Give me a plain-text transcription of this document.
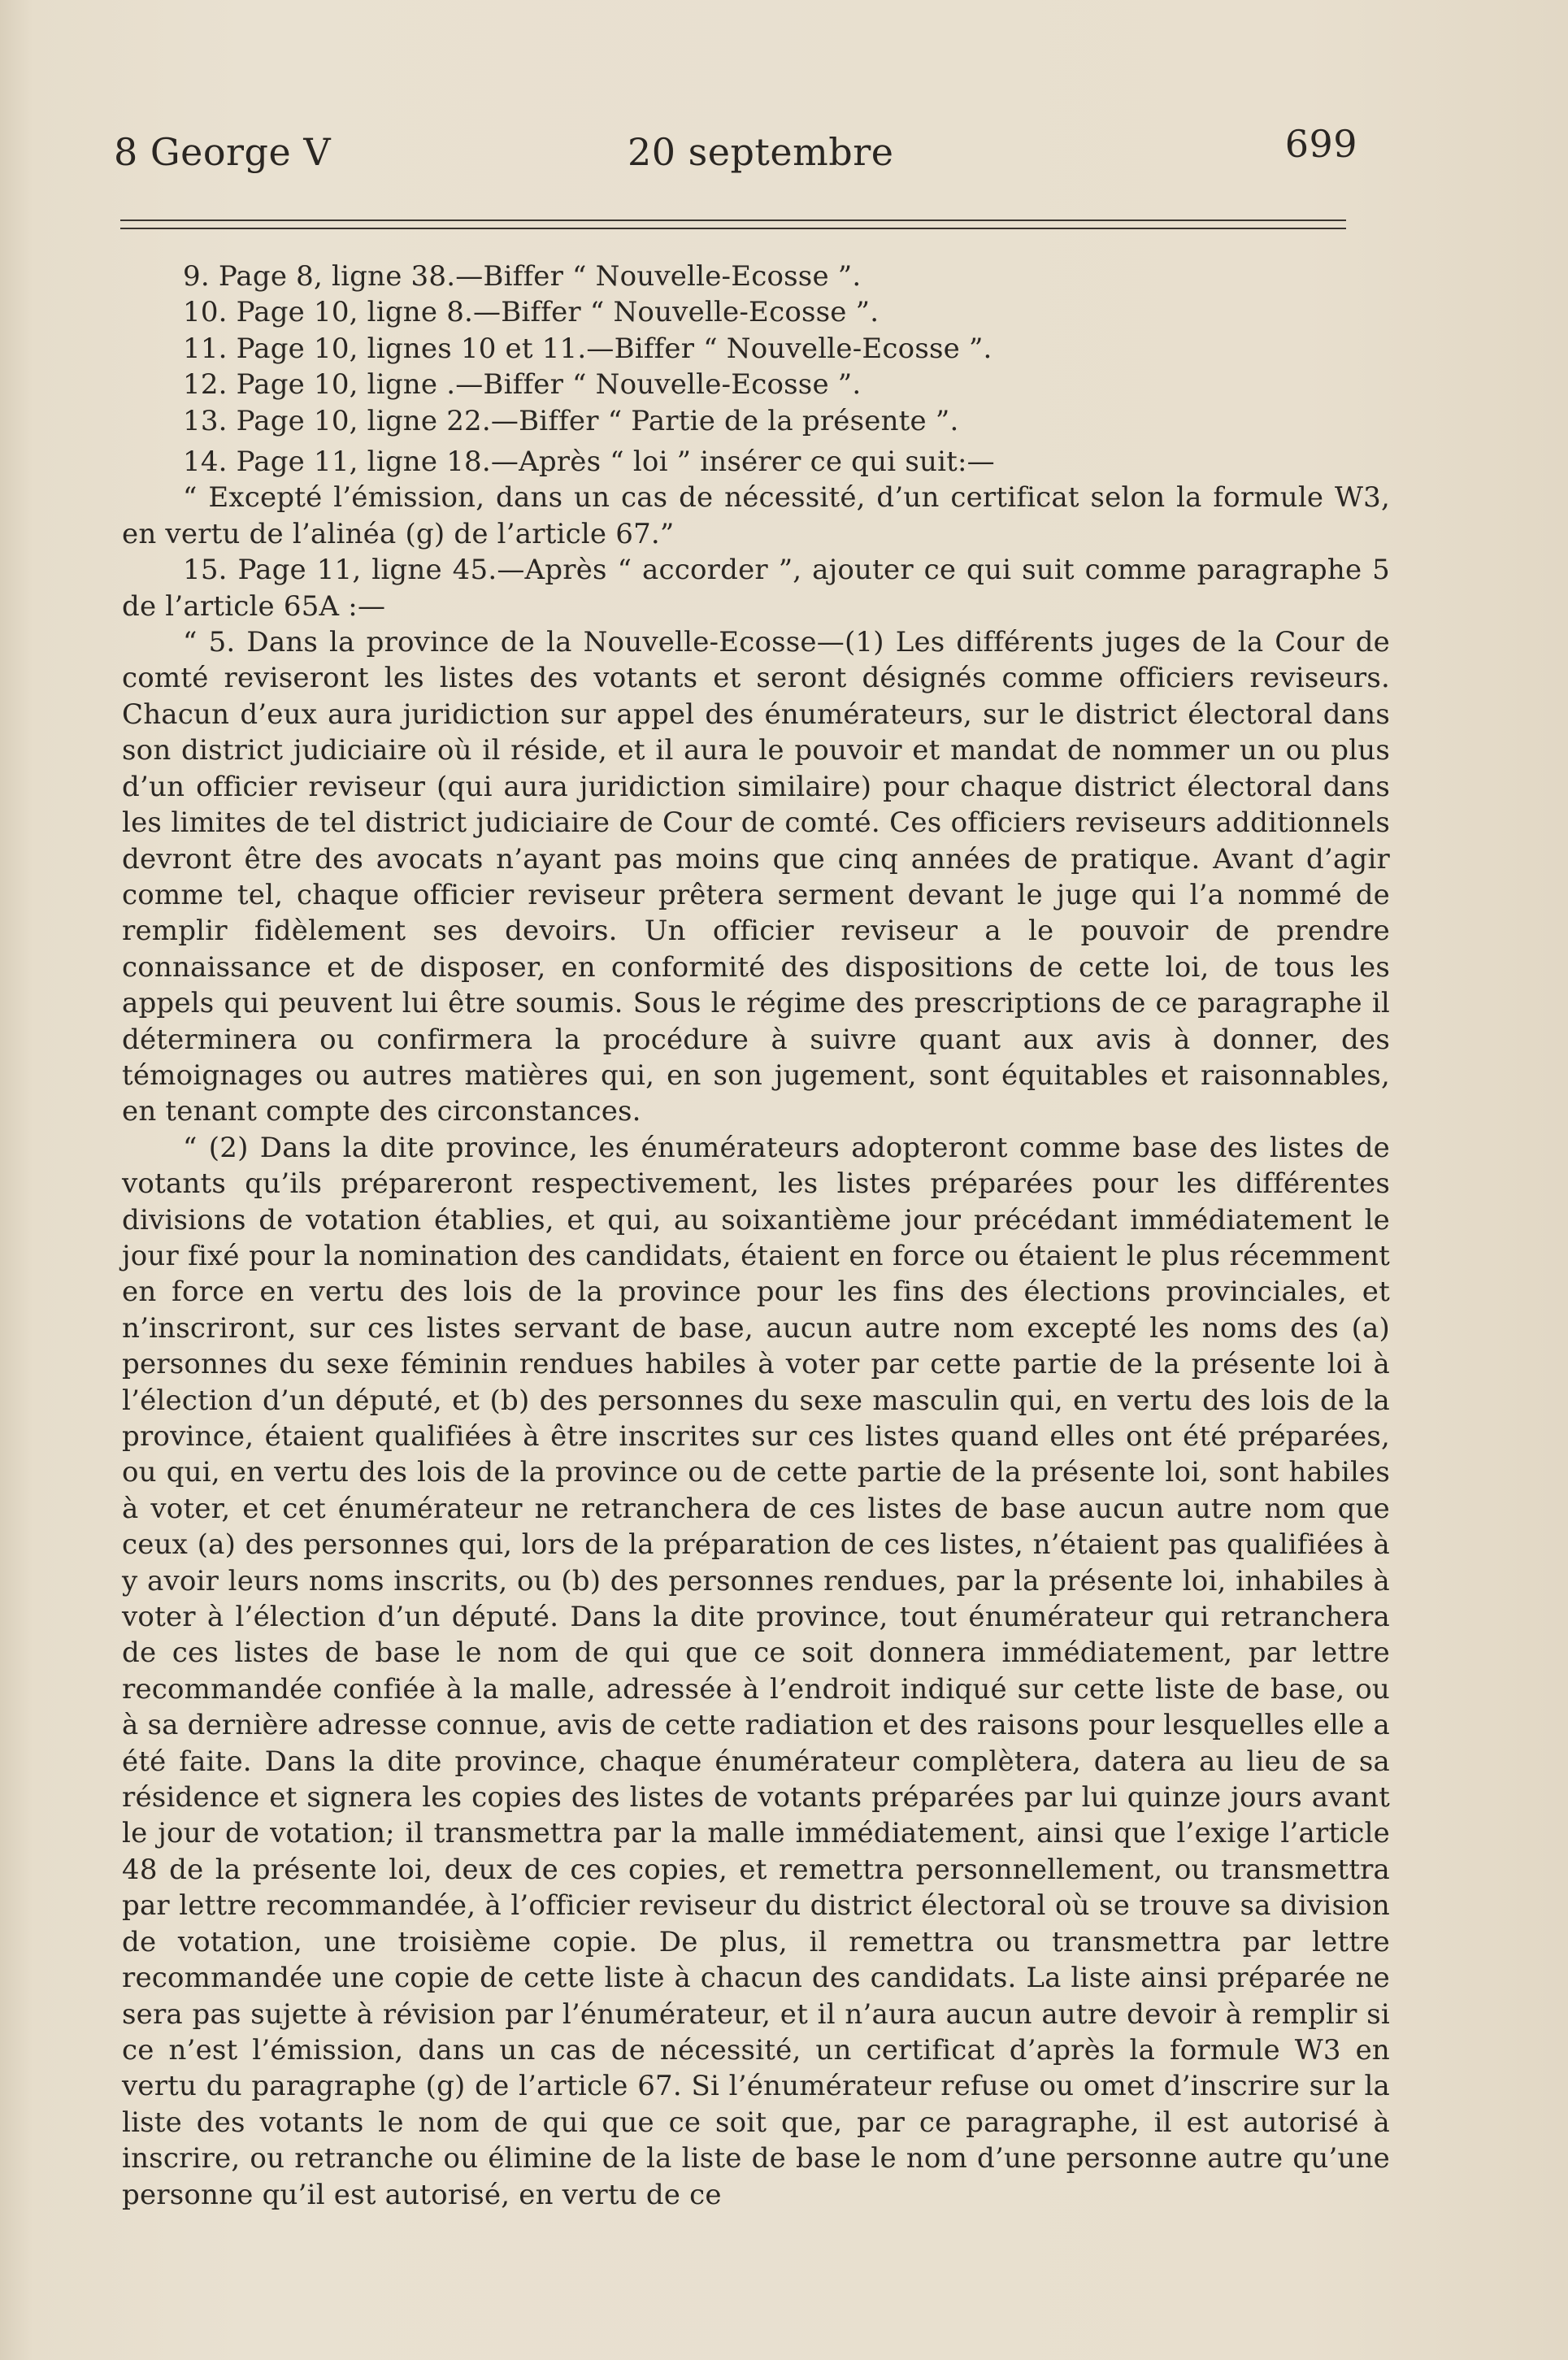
8 George V	20 septembre	699

9. Page 8, ligne 38.—Biffer “ Nouvelle-Ecosse ”.

10. Page 10, ligne 8.—Biffer “ Nouvelle-Ecosse ”.

11. Page 10, lignes 10 et 11.—Biffer “ Nouvelle-Ecosse ”.

12. Page 10, ligne .—Biffer “ Nouvelle-Ecosse ”.

13. Page 10, ligne 22.—Biffer “ Partie de la présente ”.

14. Page 11, ligne 18.—Après “ loi ” insérer ce qui suit:—

“ Excepté l’émission, dans un cas de nécessité, d’un certificat selon la formule W3, en vertu de l’alinéa (g) de l’article 67.”

15. Page 11, ligne 45.—Après “ accorder ”, ajouter ce qui suit comme paragraphe 5 de l’article 65A :—

“ 5. Dans la province de la Nouvelle-Ecosse—(1) Les différents juges de la Cour de comté reviseront les listes des votants et seront désignés comme officiers reviseurs. Chacun d’eux aura juridiction sur appel des énumérateurs, sur le district électoral dans son district judiciaire où il réside, et il aura le pouvoir et mandat de nommer un ou plus d’un officier reviseur (qui aura juridiction similaire) pour chaque district électoral dans les limites de tel district judiciaire de Cour de comté. Ces officiers reviseurs additionnels devront être des avocats n’ayant pas moins que cinq années de pratique. Avant d’agir comme tel, chaque officier reviseur prêtera serment devant le juge qui l’a nommé de remplir fidèlement ses devoirs. Un officier reviseur a le pouvoir de prendre connaissance et de disposer, en conformité des dispositions de cette loi, de tous les appels qui peuvent lui être soumis. Sous le régime des prescriptions de ce paragraphe il déterminera ou confirmera la procédure à suivre quant aux avis à donner, des témoignages ou autres matières qui, en son jugement, sont équitables et raisonnables, en tenant compte des circonstances.

“ (2) Dans la dite province, les énumérateurs adopteront comme base des listes de votants qu’ils prépareront respectivement, les listes préparées pour les différentes divisions de votation établies, et qui, au soixantième jour précédant immédiatement le jour fixé pour la nomination des candidats, étaient en force ou étaient le plus récemment en force en vertu des lois de la province pour les fins des élections provinciales, et n’inscriront, sur ces listes servant de base, aucun autre nom excepté les noms des (a) personnes du sexe féminin rendues habiles à voter par cette partie de la présente loi à l’élection d’un député, et (b) des personnes du sexe masculin qui, en vertu des lois de la province, étaient qualifiées à être inscrites sur ces listes quand elles ont été préparées, ou qui, en vertu des lois de la province ou de cette partie de la présente loi, sont habiles à voter, et cet énumérateur ne retranchera de ces listes de base aucun autre nom que ceux (a) des personnes qui, lors de la préparation de ces listes, n’étaient pas qualifiées à y avoir leurs noms inscrits, ou (b) des personnes rendues, par la présente loi, inhabiles à voter à l’élection d’un député. Dans la dite province, tout énumérateur qui retranchera de ces listes de base le nom de qui que ce soit donnera immédiatement, par lettre recommandée confiée à la malle, adressée à l’endroit indiqué sur cette liste de base, ou à sa dernière adresse connue, avis de cette radiation et des raisons pour lesquelles elle a été faite. Dans la dite province, chaque énumérateur complètera, datera au lieu de sa résidence et signera les copies des listes de votants préparées par lui quinze jours avant le jour de votation; il transmettra par la malle immédiatement, ainsi que l’exige l’article 48 de la présente loi, deux de ces copies, et remettra personnellement, ou transmettra par lettre recommandée, à l’officier reviseur du district électoral où se trouve sa division de votation, une troisième copie. De plus, il remettra ou transmettra par lettre recommandée une copie de cette liste à chacun des candidats. La liste ainsi préparée ne sera pas sujette à révision par l’énumérateur, et il n’aura aucun autre devoir à remplir si ce n’est l’émission, dans un cas de nécessité, un certificat d’après la formule W3 en vertu du paragraphe (g) de l’article 67. Si l’énumérateur refuse ou omet d’inscrire sur la liste des votants le nom de qui que ce soit que, par ce paragraphe, il est autorisé à inscrire, ou retranche ou élimine de la liste de base le nom d’une personne autre qu’une personne qu’il est autorisé, en vertu de ce
